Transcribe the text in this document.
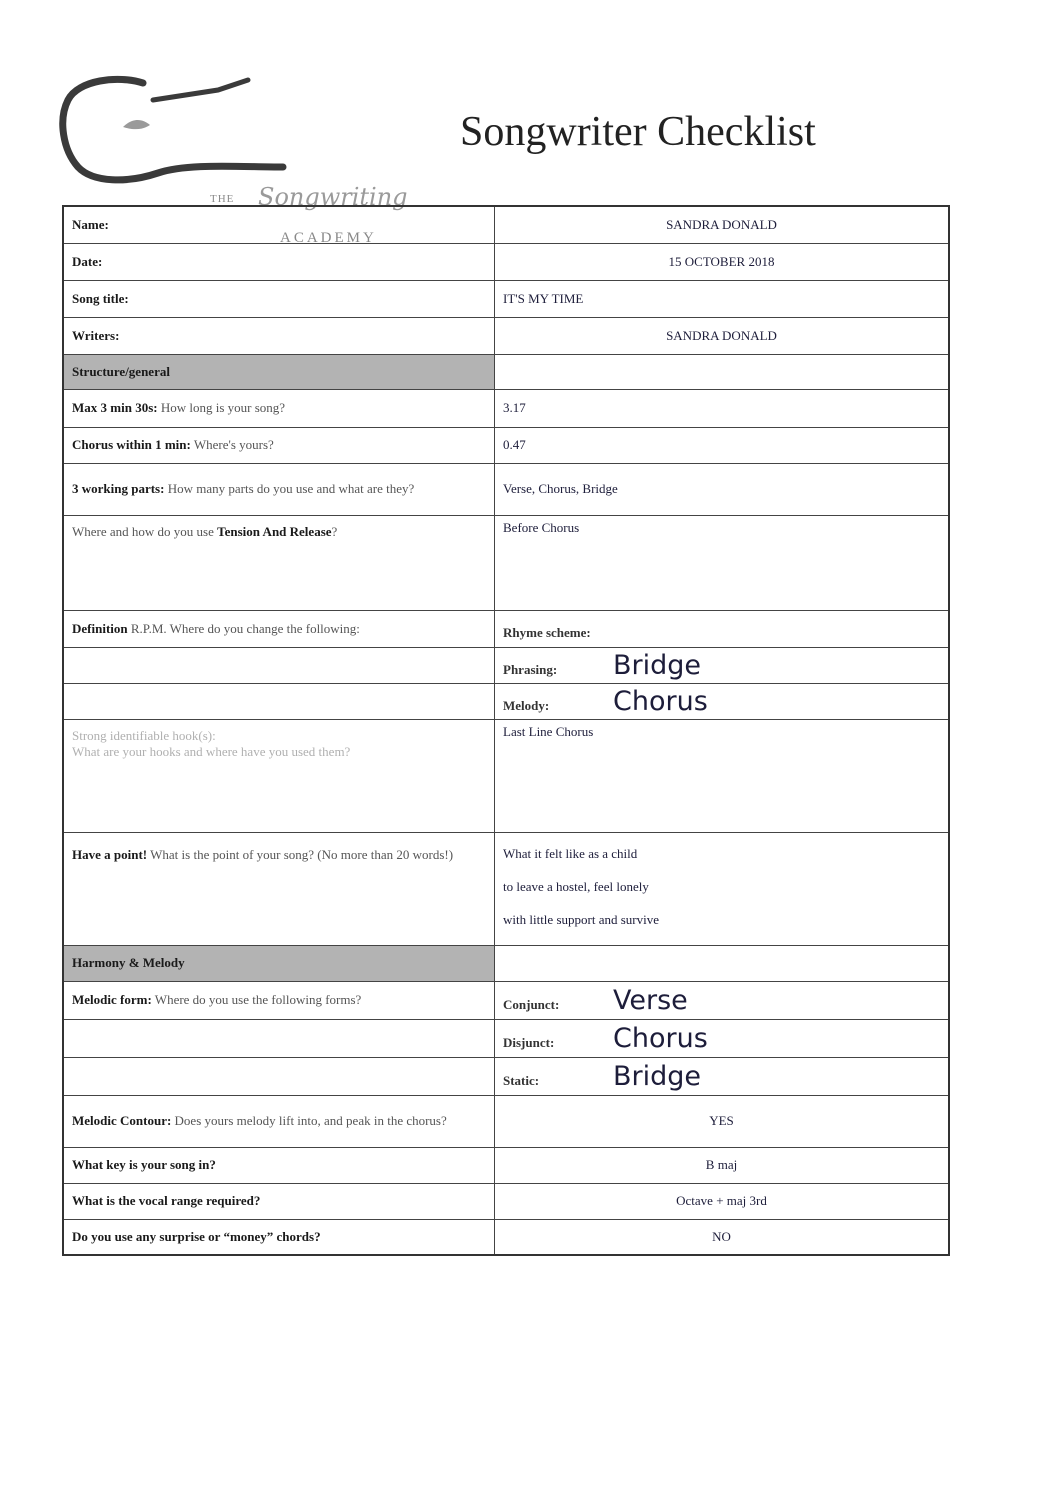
THE Songwriting
ACADEMY
Songwriter Checklist
Name:	SANDRA DONALD
Date:	15 OCTOBER 2018
Song title:	IT'S MY TIME
Writers:	SANDRA DONALD
Structure/general	
Max 3 min 30s: How long is your song?	3.17
Chorus within 1 min: Where's yours?	0.47
3 working parts: How many parts do you use and what are they?	Verse, Chorus, Bridge
Where and how do you use Tension And Release?	Before Chorus
Definition R.P.M. Where do you change the following:	Rhyme scheme:
	Phrasing: Bridge
	Melody: Chorus

Strong identifiable hook(s):
What are your hooks and where have you used them?	Last Line Chorus
Have a point! What is the point of your song? (No more than 20 words!)	What it felt like as a child
to leave a hostel, feel lonely
with little support and survive

Harmony & Melody	
Melodic form: Where do you use the following forms?	Conjunct: Verse
	Disjunct: Chorus
	Static: Bridge
Melodic Contour: Does yours melody lift into, and peak in the chorus?	YES
What key is your song in?	B maj
What is the vocal range required?	Octave + maj 3rd
Do you use any surprise or “money” chords?	NO
